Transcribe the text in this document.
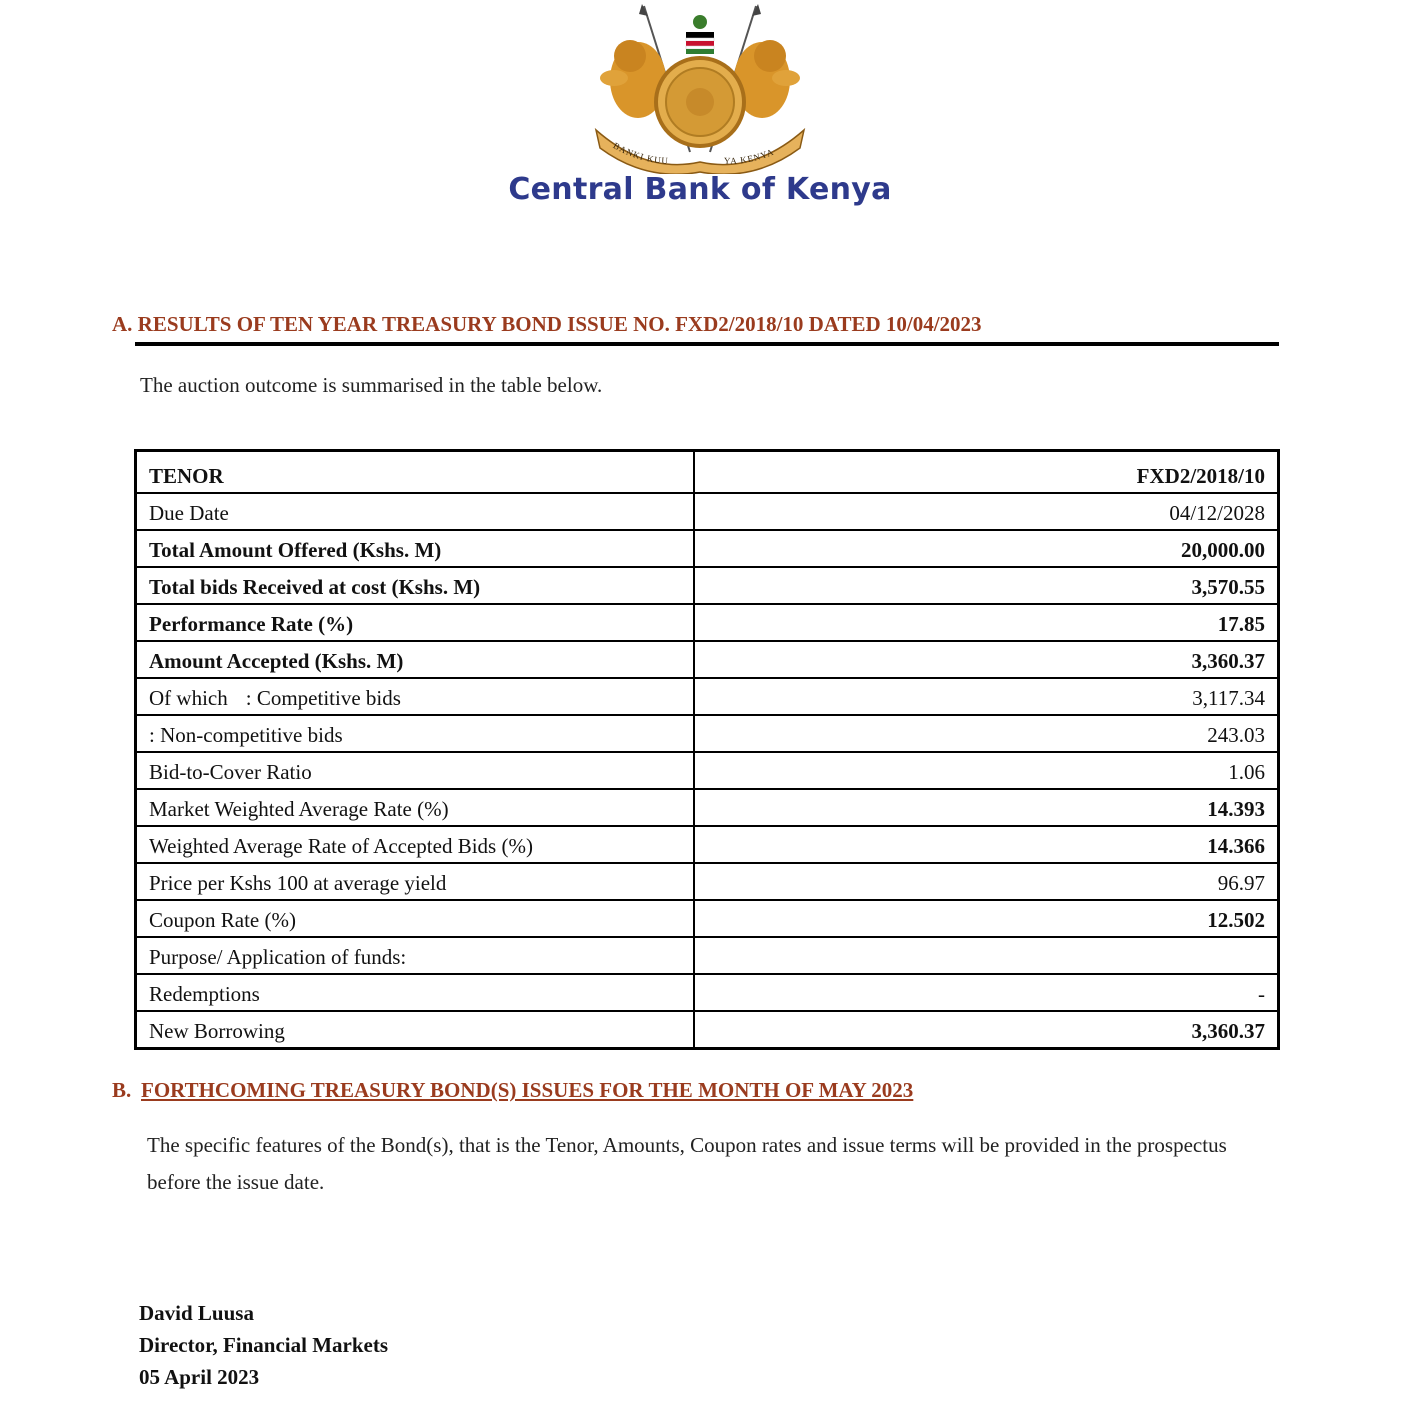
BANKI KUU	YA KENYA
Central Bank of Kenya
A. RESULTS OF TEN YEAR TREASURY BOND ISSUE NO. FXD2/2018/10 DATED 10/04/2023
The auction outcome is summarised in the table below.
TENOR	FXD2/2018/10
Due Date	04/12/2028
Total Amount Offered (Kshs. M)	20,000.00
Total bids Received at cost (Kshs. M)	3,570.55
Performance Rate (%)	17.85
Amount Accepted (Kshs. M)	3,360.37
Of which : Competitive bids	3,117.34
: Non-competitive bids	243.03
Bid-to-Cover Ratio	1.06
Market Weighted Average Rate (%)	14.393
Weighted Average Rate of Accepted Bids (%)	14.366
Price per Kshs 100 at average yield	96.97
Coupon Rate (%)	12.502
Purpose/ Application of funds:	
Redemptions	-
New Borrowing	3,360.37
B. FORTHCOMING TREASURY BOND(S) ISSUES FOR THE MONTH OF MAY 2023
The specific features of the Bond(s), that is the Tenor, Amounts, Coupon rates and issue terms will be provided in the prospectus before the issue date.
David Luusa
Director, Financial Markets
05 April 2023
